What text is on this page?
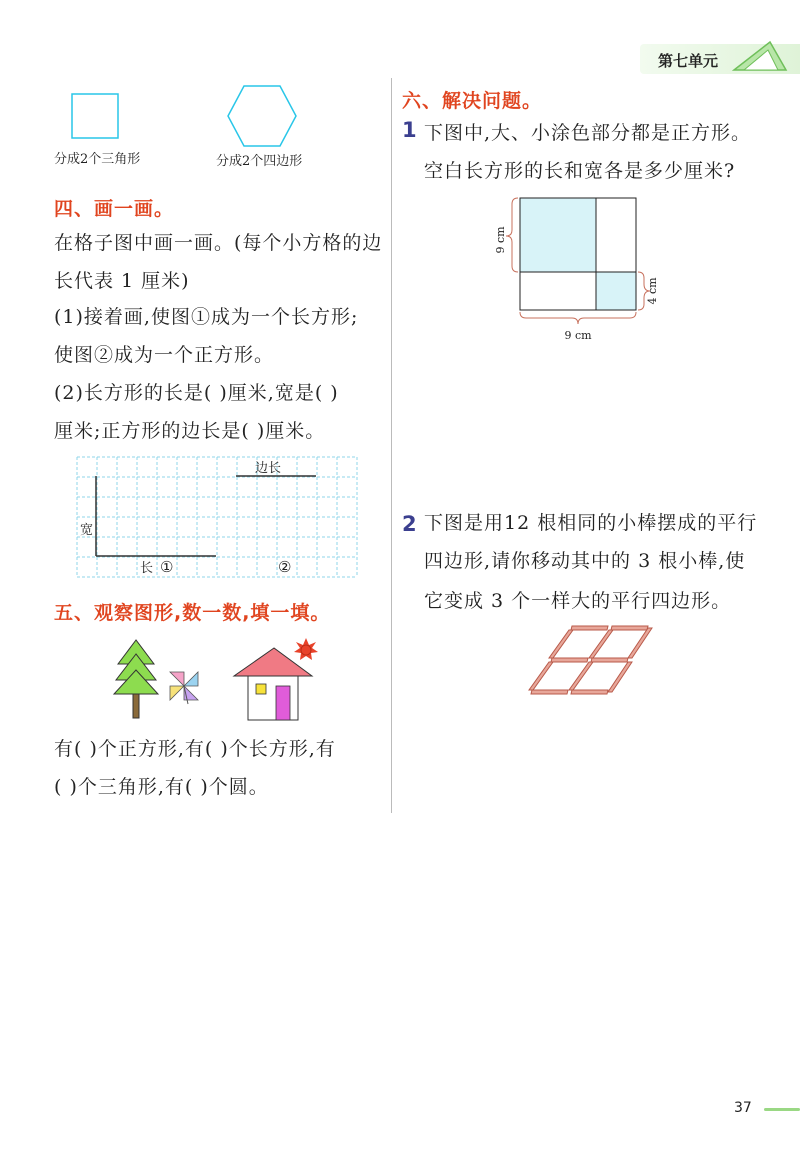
第七单元
分成2个三角形	分成2个四边形
四、画一画。
在格子图中画一画。(每个小方格的边
长代表 1 厘米)
(1)接着画,使图①成为一个长方形;
使图②成为一个正方形。
(2)长方形的长是( )厘米,宽是( )
厘米;正方形的边长是( )厘米。
边长
宽
长 ①	②
五、观察图形,数一数,填一填。
有( )个正方形,有( )个长方形,有
( )个三角形,有( )个圆。
六、解决问题。
1 下图中,大、小涂色部分都是正方形。
空白长方形的长和宽各是多少厘米?
9 cm
4 cm
9 cm
2 下图是用12 根相同的小棒摆成的平行
四边形,请你移动其中的 3 根小棒,使
它变成 3 个一样大的平行四边形。
37
